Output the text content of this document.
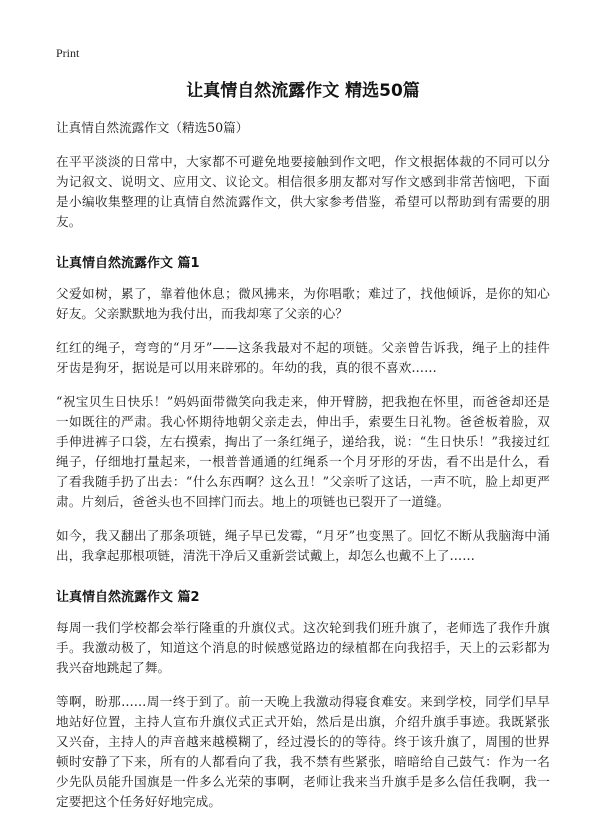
Print
让真情自然流露作文 精选50篇
让真情自然流露作文（精选50篇）

在平平淡淡的日常中，大家都不可避免地要接触到作文吧，作文根据体裁的不同可以分为记叙文、说明文、应用文、议论文。相信很多朋友都对写作文感到非常苦恼吧，下面是小编收集整理的让真情自然流露作文，供大家参考借鉴，希望可以帮助到有需要的朋友。

让真情自然流露作文 篇1

父爱如树，累了，靠着他休息；微风拂来，为你唱歌；难过了，找他倾诉，是你的知心好友。父亲默默地为我付出，而我却寒了父亲的心？

红红的绳子，弯弯的“月牙”——这条我最对不起的项链。父亲曾告诉我，绳子上的挂件牙齿是狗牙，据说是可以用来辟邪的。年幼的我，真的很不喜欢……

“祝宝贝生日快乐！”妈妈面带微笑向我走来，伸开臂膀，把我抱在怀里，而爸爸却还是一如既往的严肃。我心怀期待地朝父亲走去，伸出手，索要生日礼物。爸爸板着脸，双手伸进裤子口袋，左右摸索，掏出了一条红绳子，递给我，说：“生日快乐！”我接过红绳子，仔细地打量起来，一根普普通通的红绳系一个月牙形的牙齿，看不出是什么，看了看我随手扔了出去：“什么东西啊？这么丑！”父亲听了这话，一声不吭，脸上却更严肃。片刻后，爸爸头也不回摔门而去。地上的项链也已裂开了一道缝。

如今，我又翻出了那条项链，绳子早已发霉，“月牙”也变黑了。回忆不断从我脑海中涌出，我拿起那根项链，清洗干净后又重新尝试戴上，却怎么也戴不上了……

让真情自然流露作文 篇2

每周一我们学校都会举行隆重的升旗仪式。这次轮到我们班升旗了，老师选了我作升旗手。我激动极了，知道这个消息的时候感觉路边的绿植都在向我招手，天上的云彩都为我兴奋地跳起了舞。

等啊，盼那……周一终于到了。前一天晚上我激动得寝食难安。来到学校，同学们早早地站好位置，主持人宣布升旗仪式正式开始，然后是出旗，介绍升旗手事迹。我既紧张又兴奋，主持人的声音越来越模糊了，经过漫长的的等待。终于该升旗了，周围的世界顿时安静了下来，所有的人都看向了我，我不禁有些紧张，暗暗给自己鼓气：作为一名少先队员能升国旗是一件多么光荣的事啊，老师让我来当升旗手是多么信任我啊，我一定要把这个任务好好地完成。
